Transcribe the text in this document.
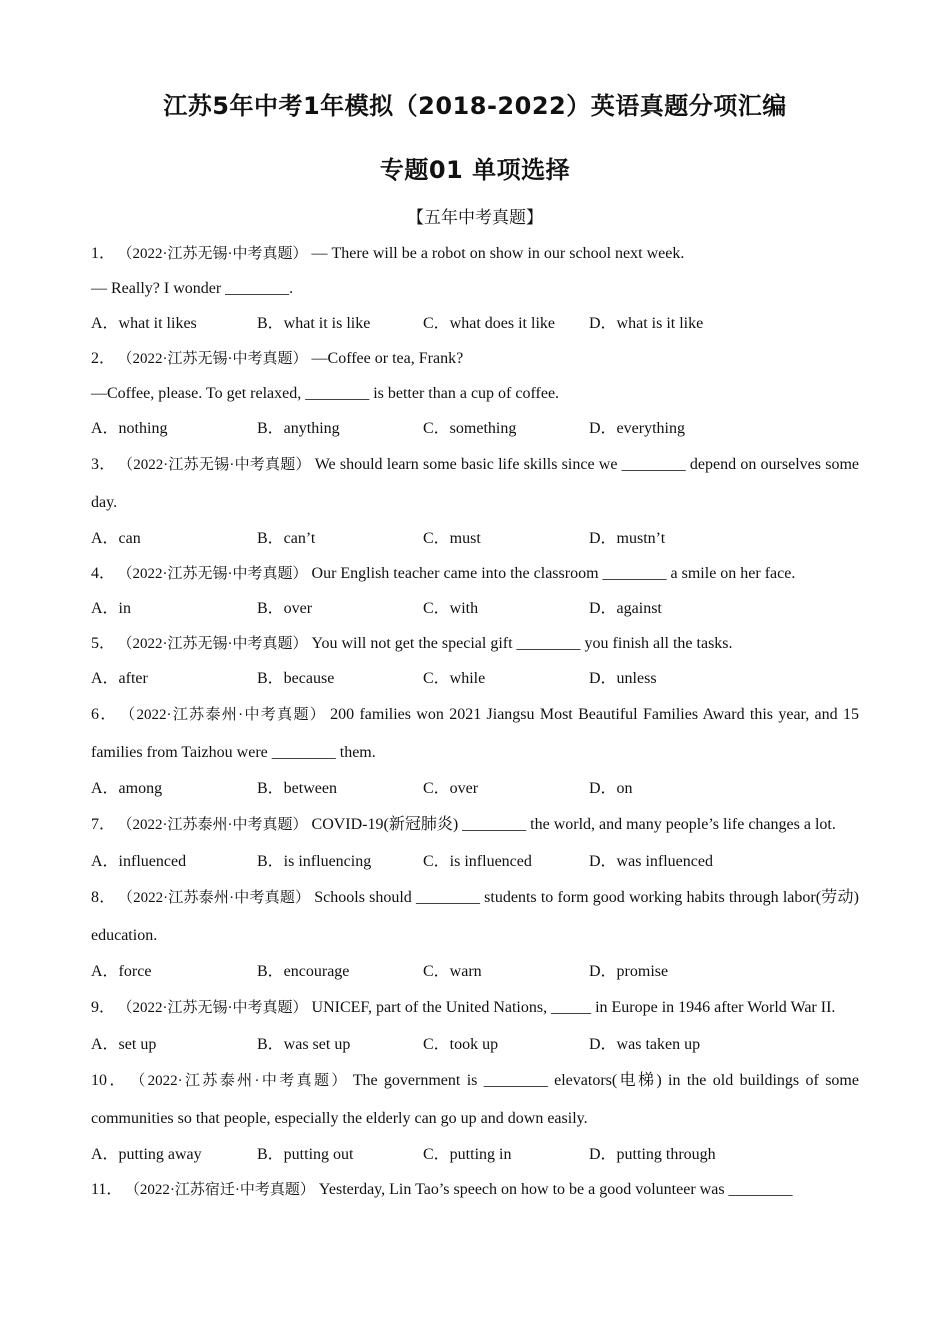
江苏5年中考1年模拟（2018-2022）英语真题分项汇编
专题01 单项选择
【五年中考真题】
1． （2022·江苏无锡·中考真题） — There will be a robot on show in our school next week.
— Really? I wonder ________.
A．what it likes	B．what it is like	C．what does it like	D．what is it like
2． （2022·江苏无锡·中考真题） —Coffee or tea, Frank?
—Coffee, please. To get relaxed, ________ is better than a cup of coffee.
A．nothing	B．anything	C．something	D．everything
3． （2022·江苏无锡·中考真题） We should learn some basic life skills since we ________ depend on ourselves some day.
A．can	B．can’t	C．must	D．mustn’t
4． （2022·江苏无锡·中考真题） Our English teacher came into the classroom ________ a smile on her face.
A．in	B．over	C．with	D．against
5． （2022·江苏无锡·中考真题） You will not get the special gift ________ you finish all the tasks.
A．after	B．because	C．while	D．unless
6． （2022·江苏泰州·中考真题） 200 families won 2021 Jiangsu Most Beautiful Families Award this year, and 15 families from Taizhou were ________ them.
A．among	B．between	C．over	D．on
7． （2022·江苏泰州·中考真题） COVID-19(新冠肺炎) ________ the world, and many people’s life changes a lot.
A．influenced	B．is influencing	C．is influenced	D．was influenced
8． （2022·江苏泰州·中考真题） Schools should ________ students to form good working habits through labor(劳动) education.
A．force	B．encourage	C．warn	D．promise
9． （2022·江苏无锡·中考真题） UNICEF, part of the United Nations, _____ in Europe in 1946 after World War II.
A．set up	B．was set up	C．took up	D．was taken up
10． （2022·江苏泰州·中考真题） The government is ________ elevators(电梯) in the old buildings of some communities so that people, especially the elderly can go up and down easily.
A．putting away	B．putting out	C．putting in	D．putting through
11． （2022·江苏宿迁·中考真题） Yesterday, Lin Tao’s speech on how to be a good volunteer was ________
